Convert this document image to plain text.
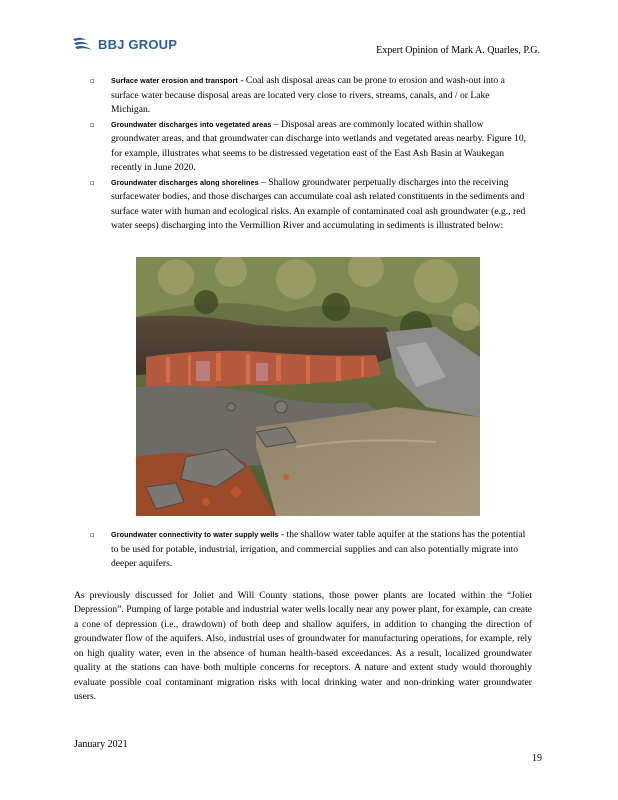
BBJ GROUP	Expert Opinion of Mark A. Quarles, P.G.

▫ Surface water erosion and transport - Coal ash disposal areas can be prone to erosion and wash-out into a surface water because disposal areas are located very close to rivers, streams, canals, and / or Lake Michigan.

▫ Groundwater discharges into vegetated areas – Disposal areas are commonly located within shallow groundwater areas, and that groundwater can discharge into wetlands and vegetated areas nearby. Figure 10, for example, illustrates what seems to be distressed vegetation east of the East Ash Basin at Waukegan recently in June 2020.

▫ Groundwater discharges along shorelines – Shallow groundwater perpetually discharges into the receiving surfacewater bodies, and those discharges can accumulate coal ash related constituents in the sediments and surface water with human and ecological risks. An example of contaminated coal ash groundwater (e.g., red water seeps) discharging into the Vermillion River and accumulating in sediments is illustrated below:

▫ Groundwater connectivity to water supply wells - the shallow water table aquifer at the stations has the potential to be used for potable, industrial, irrigation, and commercial supplies and can also potentially migrate into deeper aquifers.

As previously discussed for Joliet and Will County stations, those power plants are located within the “Joliet Depression”. Pumping of large potable and industrial water wells locally near any power plant, for example, can create a cone of depression (i.e., drawdown) of both deep and shallow aquifers, in addition to changing the direction of groundwater flow of the aquifers. Also, industrial uses of groundwater for manufacturing operations, for example, rely on high quality water, even in the absence of human health-based exceedances. As a result, localized groundwater quality at the stations can have both multiple concerns for receptors. A nature and extent study would thoroughly evaluate possible coal contaminant migration risks with local drinking water and non-drinking water groundwater users.

January 2021
19
